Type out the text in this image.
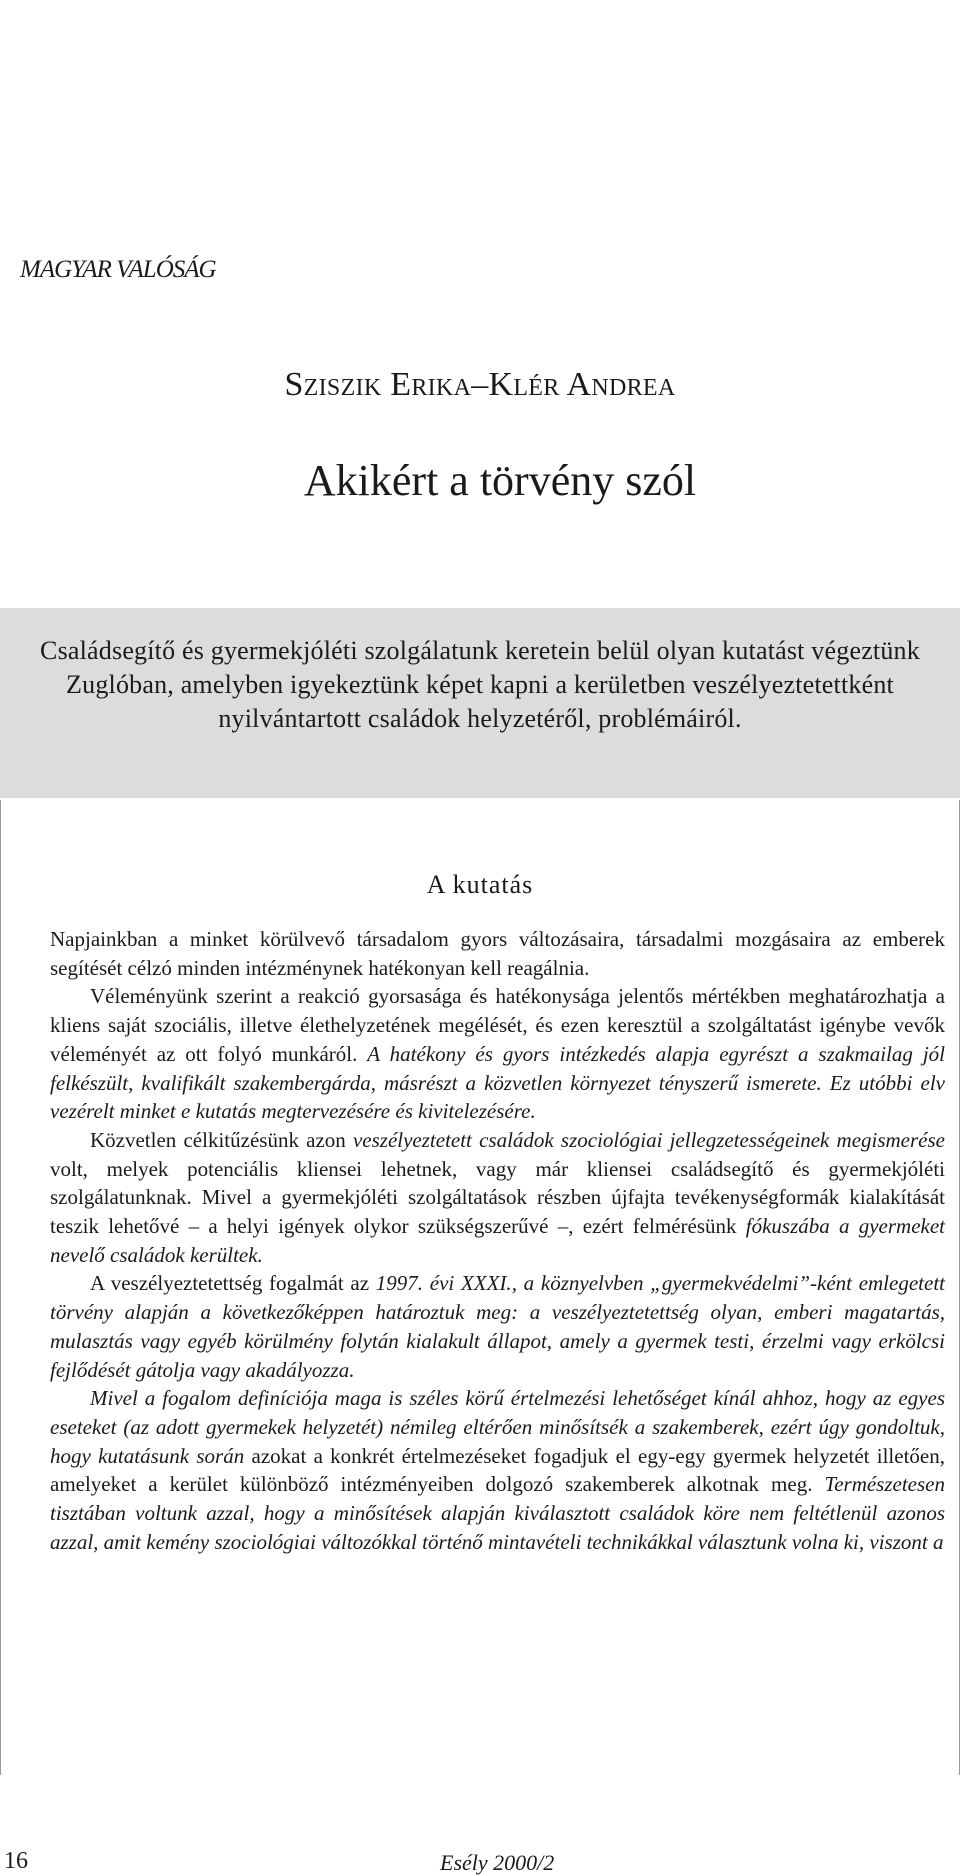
MAGYAR VALÓSÁG
Sziszik Erika–Klér Andrea
Akikért a törvény szól
Családsegítő és gyermekjóléti szolgálatunk keretein belül olyan kutatást végeztünk Zuglóban, amelyben igyekeztünk képet kapni a kerületben veszélyeztetettként nyilvántartott családok helyzetéről, problémáiról.
A kutatás

Napjainkban a minket körülvevő társadalom gyors változásaira, társadalmi mozgásaira az emberek segítését célzó minden intézménynek hatékonyan kell reagálnia.

Véleményünk szerint a reakció gyorsasága és hatékonysága jelentős mértékben meghatározhatja a kliens saját szociális, illetve élethelyzetének megélését, és ezen keresztül a szolgáltatást igénybe vevők véleményét az ott folyó munkáról. A hatékony és gyors intézkedés alapja egyrészt a szakmailag jól felkészült, kvalifikált szakembergárda, másrészt a közvetlen környezet tényszerű ismerete. Ez utóbbi elv vezérelt minket e kutatás megtervezésére és kivitelezésére.

Közvetlen célkitűzésünk azon veszélyeztetett családok szociológiai jellegzetességeinek megismerése volt, melyek potenciális kliensei lehetnek, vagy már kliensei családsegítő és gyermekjóléti szolgálatunknak. Mivel a gyermekjóléti szolgáltatások részben újfajta tevékenységformák kialakítását teszik lehetővé – a helyi igények olykor szükségszerűvé –, ezért felmérésünk fókuszába a gyermeket nevelő családok kerültek.

A veszélyeztetettség fogalmát az 1997. évi XXXI., a köznyelvben „gyermekvédelmi”-ként emlegetett törvény alapján a következőképpen határoztuk meg: a veszélyeztetettség olyan, emberi magatartás, mulasztás vagy egyéb körülmény folytán kialakult állapot, amely a gyermek testi, érzelmi vagy erkölcsi fejlődését gátolja vagy akadályozza.

Mivel a fogalom definíciója maga is széles körű értelmezési lehetőséget kínál ahhoz, hogy az egyes eseteket (az adott gyermekek helyzetét) némileg eltérően minősítsék a szakemberek, ezért úgy gondoltuk, hogy kutatásunk során azokat a konkrét értelmezéseket fogadjuk el egy-egy gyermek helyzetét illetően, amelyeket a kerület különböző intézményeiben dolgozó szakemberek alkotnak meg. Természetesen tisztában voltunk azzal, hogy a minősítések alapján kiválasztott családok köre nem feltétlenül azonos azzal, amit kemény szociológiai változókkal történő mintavételi technikákkal választunk volna ki, viszont a

16	Esély 2000/2
